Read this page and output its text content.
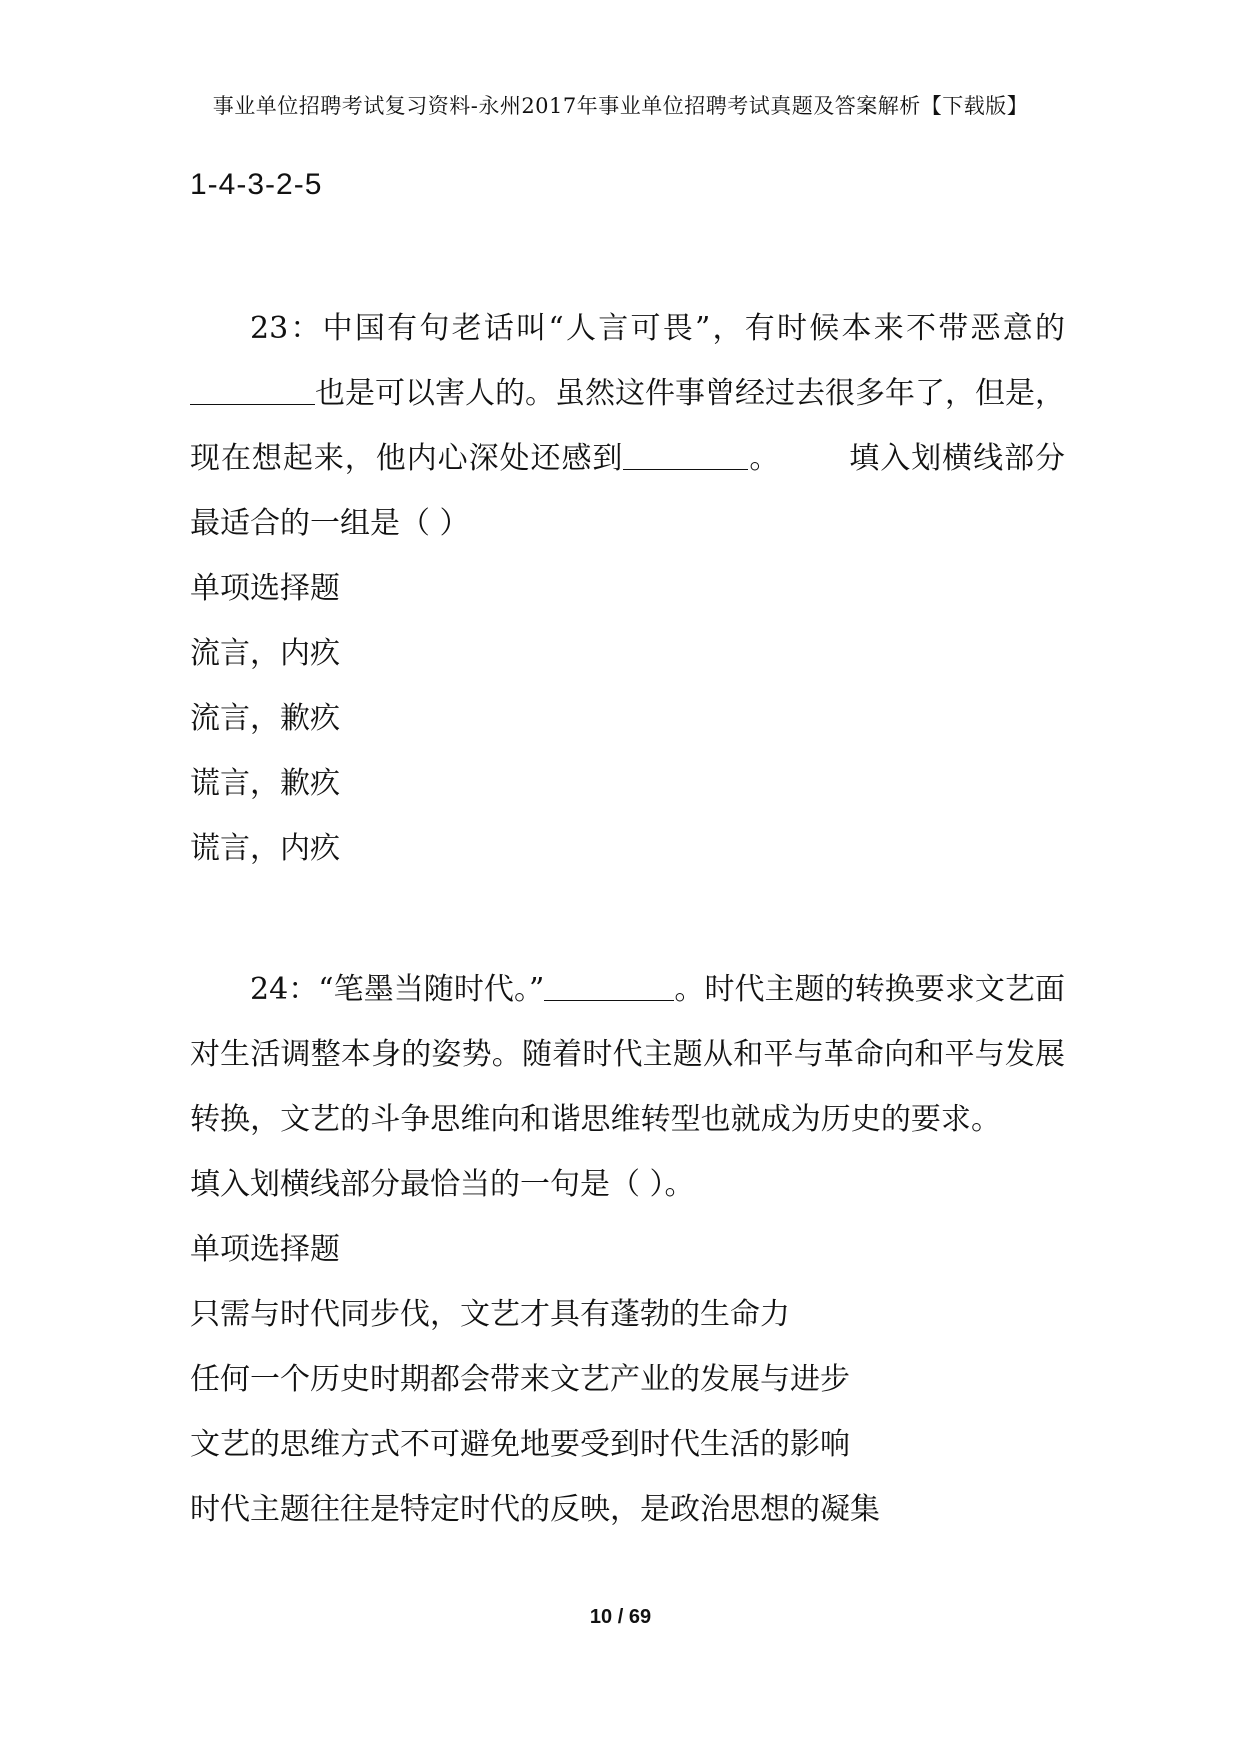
事业单位招聘考试复习资料-永州2017年事业单位招聘考试真题及答案解析【下载版】
1-4-3-2-5

23：中国有句老话叫“人言可畏”，有时候本来不带恶意的也是可以害人的。虽然这件事曾经过去很多年了，但是，现在想起来，他内心深处还感到	。 填入划横线部分最适合的一组是（ ）

单项选择题

流言，内疚

流言，歉疚

谎言，歉疚

谎言，内疚

24：“笔墨当随时代。”	。时代主题的转换要求文艺面对生活调整本身的姿势。随着时代主题从和平与革命向和平与发展转换，文艺的斗争思维向和谐思维转型也就成为历史的要求。填入划横线部分最恰当的一句是（ ）。

单项选择题

只需与时代同步伐，文艺才具有蓬勃的生命力

任何一个历史时期都会带来文艺产业的发展与进步

文艺的思维方式不可避免地要受到时代生活的影响

时代主题往往是特定时代的反映，是政治思想的凝集

10 / 69
